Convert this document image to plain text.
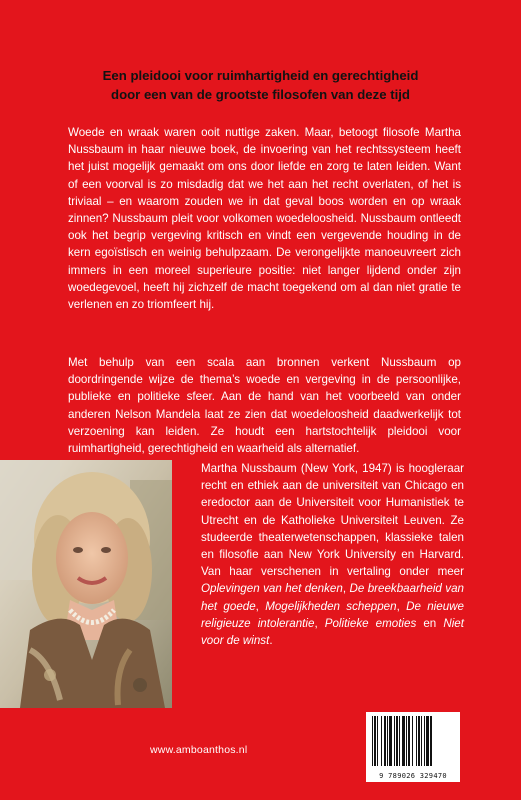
Een pleidooi voor ruimhartigheid en gerechtigheid
door een van de grootste filosofen van deze tijd
Woede en wraak waren ooit nuttige zaken. Maar, betoogt filosofe Martha Nussbaum in haar nieuwe boek, de invoering van het rechtssysteem heeft het juist mogelijk gemaakt om ons door liefde en zorg te laten leiden. Want of een voorval is zo misdadig dat we het aan het recht overlaten, of het is triviaal – en waarom zouden we in dat geval boos worden en op wraak zinnen? Nussbaum pleit voor volkomen woedeloosheid. Nussbaum ontleedt ook het begrip vergeving kritisch en vindt een vergevende houding in de kern egoïstisch en weinig behulpzaam. De verongelijkte manoeuvreert zich immers in een moreel superieure positie: niet langer lijdend onder zijn woedegevoel, heeft hij zichzelf de macht toegekend om al dan niet gratie te verlenen en zo triomfeert hij.
Met behulp van een scala aan bronnen verkent Nussbaum op doordringende wijze de thema’s woede en vergeving in de persoonlijke, publieke en politieke sfeer. Aan de hand van het voorbeeld van onder anderen Nelson Mandela laat ze zien dat woedeloosheid daadwerkelijk tot verzoening kan leiden. Ze houdt een hartstochtelijk pleidooi voor ruimhartigheid, gerechtigheid en waarheid als alternatief.
Martha Nussbaum (New York, 1947) is hoogleraar recht en ethiek aan de universiteit van Chicago en eredoctor aan de Universiteit voor Humanistiek te Utrecht en de Katholieke Universiteit Leuven. Ze studeerde theaterwetenschappen, klassieke talen en filosofie aan New York University en Harvard. Van haar verschenen in vertaling onder meer Oplevingen van het denken, De breekbaarheid van het goede, Mogelijkheden scheppen, De nieuwe religieuze intolerantie, Politieke emoties en Niet voor de winst.
www.amboanthos.nl
9 789026 329470
